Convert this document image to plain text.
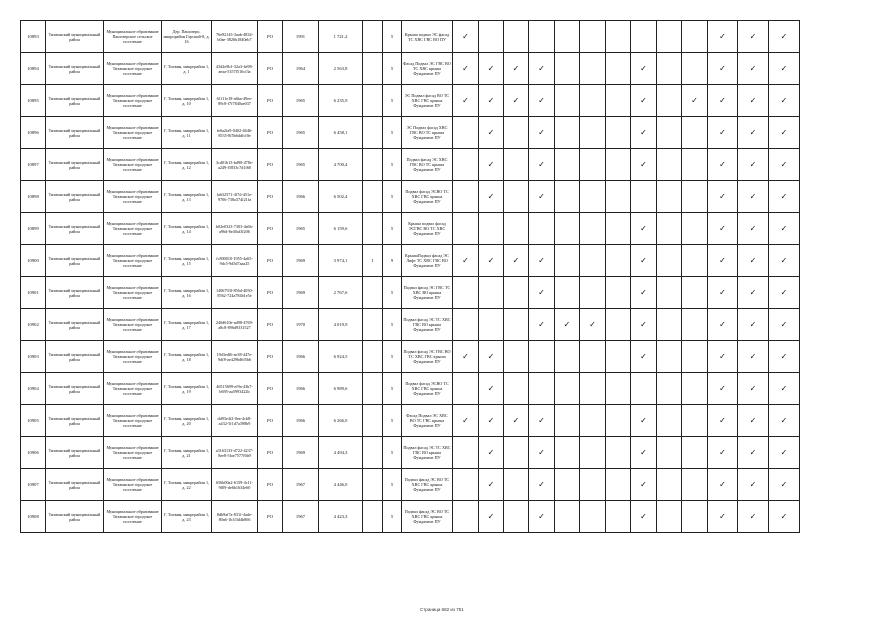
10893	Тихвинский муниципальный район	Муниципальное образование Пашозерское сельское поселение	Дер. Пашозеро, микрорайон Горский-8, д. 16	76e92143-3aab-4834-b0ae-3826b1840eb7	РО	1991	1 721,2		5	Крыша подвал ЭС фасад ТС ХВС ГВС ВО ПУ	✓										✓	✓	✓
10894	Тихвинский муниципальный район	Муниципальное образование Тихвинское городское поселение	Г. Тихвин, микрорайон 1, д. 1	43d2e9b1-32a3-4e98-aeaa-5357f516cf3a	РО	1964	2 563,8		5	Фасад Подвал ЭС ГВС ВО ТС ХВС крыша Фундамент ПУ	✓	✓	✓	✓				✓			✓	✓	✓
10895	Тихвинский муниципальный район	Муниципальное образование Тихвинское городское поселение	Г. Тихвин, микрорайон 1, д. 10	61f11e18-a6ba-49ee-89c8-f7f7840ae037	РО	1965	6 235,9		5	ЭС Подвал фасад ВО ТС ХВС ГВС крыша Фундамент ПУ	✓	✓	✓	✓				✓		✓	✓	✓	✓
10896	Тихвинский муниципальный район	Муниципальное образование Тихвинское городское поселение	Г. Тихвин, микрорайон 1, д. 11	fe6a2fa9-0402-4646-8535-8f5b6ddfcf0e	РО	1965	6 458,1		5	ЭС Подвал фасад ХВС ГВС ВО ТС крыша Фундамент ПУ		✓		✓				✓			✓	✓	✓
10897	Тихвинский муниципальный район	Муниципальное образование Тихвинское городское поселение	Г. Тихвин, микрорайон 1, д. 12	3cd01b13-bd90-478e-a249-f5833c7d1f60	РО	1965	4 700,4		5	Подвал фасад ЭС ХВС ГВС ВО ТС крыша Фундамент ПУ		✓		✓				✓			✓	✓	✓
10898	Тихвинский муниципальный район	Муниципальное образование Тихвинское городское поселение	Г. Тихвин, микрорайон 1, д. 13	fa632571-4f7d-451e-9706-738a374f21fa	РО	1966	6 502,4		5	Подвал фасад ЭСВО ТС ХВС ГВС крыша Фундамент ПУ		✓		✓							✓	✓	✓
10899	Тихвинский муниципальный район	Муниципальное образование Тихвинское городское поселение	Г. Тихвин, микрорайон 1, д. 14	b02e0323-7303-4a6b-a96d-8e40af3f206	РО	1965	6 159,6		5	Крыша подвал фасад ЭСГВС ВО ТС ХВС Фундамент ПУ								✓			✓	✓	✓
10900	Тихвинский муниципальный район	Муниципальное образование Тихвинское городское поселение	Г. Тихвин, микрорайон 1, д. 15	fc800010-1955-4a65-9dc5-9d5d7aaa25	РО	1969	3 974,1	1	9	КрышаПодвал фасад ЭС Лифт ТС ХВС ГВС ВО Фундамент ПУ	✓	✓	✓	✓				✓			✓	✓	✓
10901	Тихвинский муниципальный район	Муниципальное образование Тихвинское городское поселение	Г. Тихвин, микрорайон 1, д. 16	1406793f-856d-4050-8562-724a784b1e5e	РО	1969	2 767,6		5	Подвал фасад ЭС ГВС ТС ХВС ВО крыша Фундамент ПУ				✓				✓			✓	✓	✓
10902	Тихвинский муниципальный район	Муниципальное образование Тихвинское городское поселение	Г. Тихвин, микрорайон 1, д. 17	240d610e-ad98-4769-a8c8-896d9331527	РО	1970	4 019,9		5	Подвал фасад ЭС ТС ХВС ГВС ВО крыша Фундамент ПУ				✓	✓	✓		✓			✓	✓	✓
10903	Тихвинский муниципальный район	Муниципальное образование Тихвинское городское поселение	Г. Тихвин, микрорайон 1, д. 18	19d3edf6-ae38-447e-9df8-ae4296d6f5b6	РО	1966	6 924,5		5	Подвал фасад ЭС ГВС ВО ТС ХВС ГВС крыша Фундамент ПУ	✓	✓						✓			✓	✓	✓
10904	Тихвинский муниципальный район	Муниципальное образование Тихвинское городское поселение	Г. Тихвин, микрорайон 1, д. 19	46515699-ef9a-43b7-b695-aa5993422b	РО	1966	6 989,6		5	Подвал фасад ЭСВО ТС ХВС ГВС крыша Фундамент ПУ		✓									✓	✓	✓
10905	Тихвинский муниципальный район	Муниципальное образование Тихвинское городское поселение	Г. Тихвин, микрорайон 1, д. 20	dd93e4f2-0ea-4cb8-a432-5f1d7a398b9	РО	1966	6 266,0		5	Фасад Подвал ЭС ХВС ВО ТС ГВС крыша Фундамент ПУ	✓	✓	✓	✓				✓			✓	✓	✓
10906	Тихвинский муниципальный район	Муниципальное образование Тихвинское городское поселение	Г. Тихвин, микрорайон 1, д. 21	a3163133-d722-4237-8ee8-5fae7577f6b9	РО	1969	4 494,3		5	Подвал фасад ЭС ТС ХВС ГВС ВО крыша Фундамент ПУ		✓		✓				✓			✓	✓	✓
10907	Тихвинский муниципальный район	Муниципальное образование Тихвинское городское поселение	Г. Тихвин, микрорайон 1, д. 22	656b00a2-6159-4c11-9f09-de6b1634e60	РО	1967	4 446,0		5	Подвал фасад ЭС ВО ТС ХВС ГВС крыша Фундамент ПУ		✓		✓				✓			✓	✓	✓
10908	Тихвинский муниципальный район	Муниципальное образование Тихвинское городское поселение	Г. Тихвин, микрорайон 1, д. 23	8db9af7a-831f-4ade-80a6-1b1f3d4b866	РО	1967	4 423,3		5	Подвал фасад ЭС ВО ТС ХВС ГВС крыша Фундамент ПУ		✓		✓				✓			✓	✓	✓
Страница 682 из 751
